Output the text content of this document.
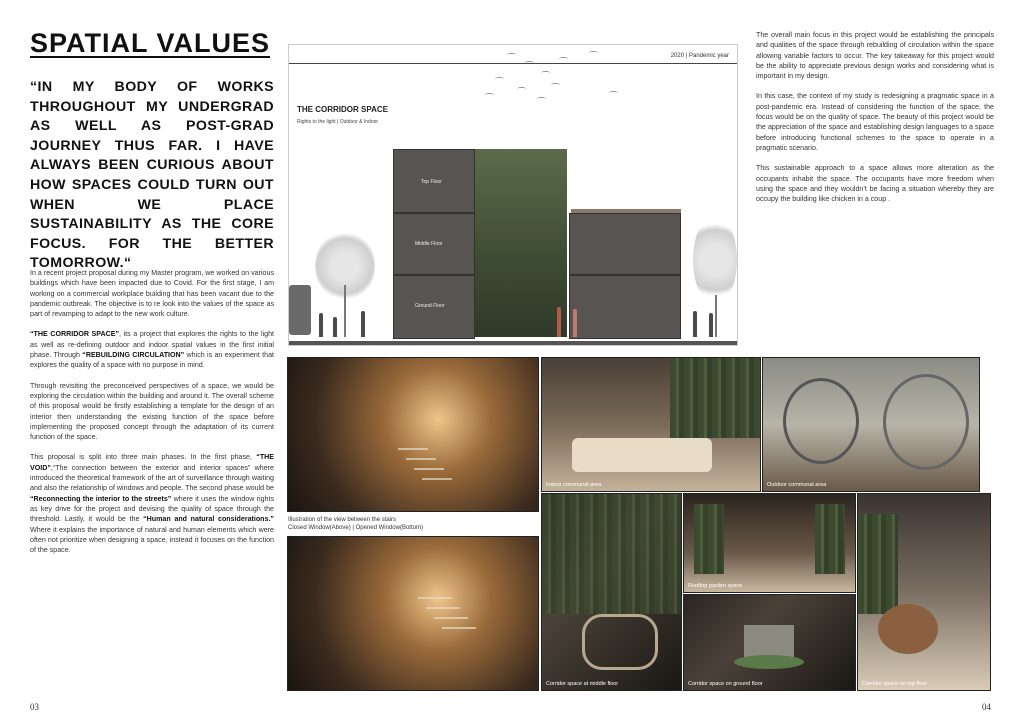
SPATIAL VALUES
“IN MY BODY OF WORKS THROUGHOUT MY UNDERGRAD AS WELL AS POST-GRAD JOURNEY THUS FAR. I HAVE ALWAYS BEEN CURIOUS ABOUT HOW SPACES COULD TURN OUT WHEN WE PLACE SUSTAINABILITY AS THE CORE FOCUS. FOR THE BETTER TOMORROW.“

In a recent project proposal during my Master program, we worked on various buildings which have been impacted due to Covid. For the first stage, I am working on a commercial workplace building that has been vacant due to the pandemic outbreak. The objective is to re look into the values of the space as part of revamping to adapt to the new work culture.

“THE CORRIDOR SPACE”, its a project that explores the rights to the light as well as re-defining outdoor and indoor spatial values in the first initial phase. Through “REBUILDING CIRCULATION” which is an experiment that explores the quality of a space with no purpose in mind.

Through revisiting the preconceived perspectives of a space, we would be exploring the circulation within the building and around it. The overall scheme of this proposal would be firstly establishing a template for the design of an interior then understanding the existing function of the space before implementing the proposed concept through the adaptation of its current function of the space.

This proposal is split into three main phases. In the first phase, “THE VOID”,“The connection between the exterior and interior spaces” where introduced the theoretical framework of the art of surveillance through waiting and also the relationship of windows and people. The second phase would be “Reconnecting the interior to the streets” where it uses the window rights as key drive for the project and devising the quality of space through the threshold. Lastly, it would be the “Human and natural considerations.” Where it explains the importance of natural and human elements which were often not prioritize when designing a space, instead it focuses on the function of the space.

The overall main focus in this project would be establishing the principals and qualities of the space through rebuilding of circulation within the space allowing variable factors to occur. The key takeaway for this project would be the ability to appreciate previous design works and considering what is important in my design.

In this case, the context of my study is redesigning a pragmatic space in a post-pandemic era. Instead of considering the function of the space, the focus would be on the quality of space. The beauty of this project would be the appreciation of the space and establishing design languages to a space before introducing functional schemes to the space to operate in a pragmatic scenario.

This sustainable approach to a space allows more alteration as the occupants inhabit the space. The occupants have more freedom when using the space and they wouldn’t be facing a situation whereby they are occupy the building like chicken in a coup .

2020 | Pandemic year
THE CORRIDOR SPACE
Rights to the light | Outdoor & Indoor
⌒
⌒
⌒
⌒
⌒
⌒
⌒
⌒
⌒
⌒
⌒
Top Floor
Middle Floor
Ground Floor
Illustration of the view between the stairs
Closed Window(Above) | Opened Window(Bottom)
Indoor communal area	Outdoor communal area
Corridor space at middle floor
Rooftop garden space
Corridor space on ground floor	Corridor space on top floor
03	04
